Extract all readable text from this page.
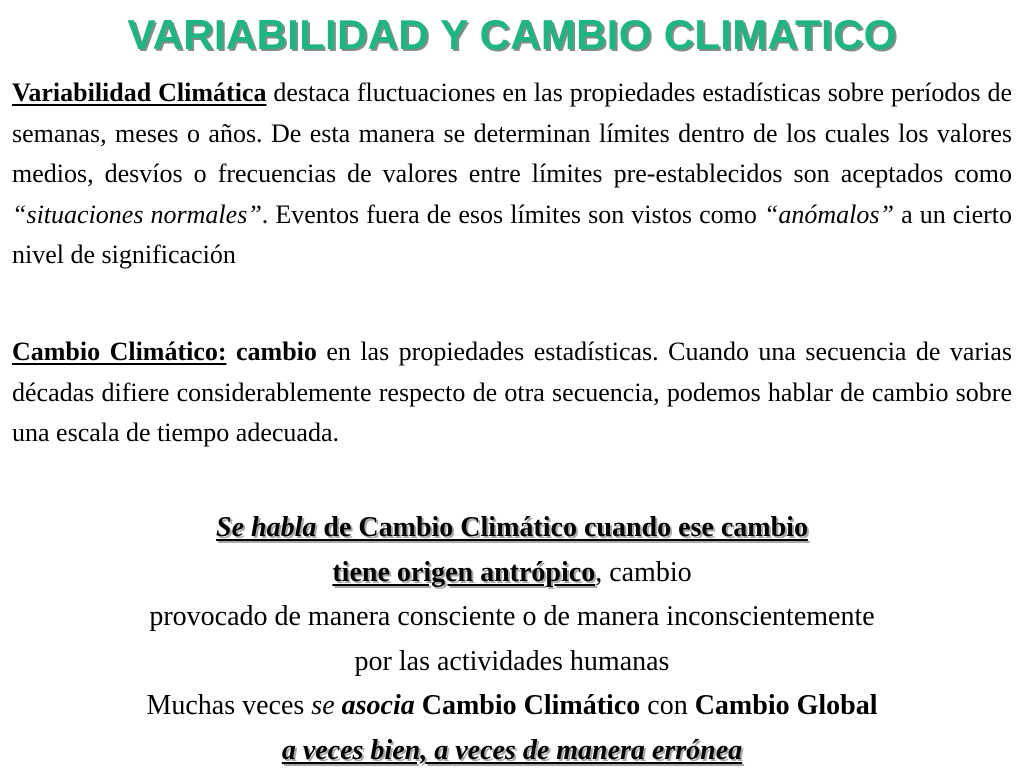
VARIABILIDAD Y CAMBIO CLIMATICO

Variabilidad Climática destaca fluctuaciones en las propiedades estadísticas sobre períodos de semanas, meses o años. De esta manera se determinan límites dentro de los cuales los valores medios, desvíos o frecuencias de valores entre límites pre-establecidos son aceptados como “situaciones normales”. Eventos fuera de esos límites son vistos como “anómalos” a un cierto nivel de significación

Cambio Climático: cambio en las propiedades estadísticas. Cuando una secuencia de varias décadas difiere considerablemente respecto de otra secuencia, podemos hablar de cambio sobre una escala de tiempo adecuada.

Se habla de Cambio Climático cuando ese cambio
tiene origen antrópico, cambio
provocado de manera consciente o de manera inconscientemente
por las actividades humanas
Muchas veces se asocia Cambio Climático con Cambio Global
a veces bien, a veces de manera errónea
